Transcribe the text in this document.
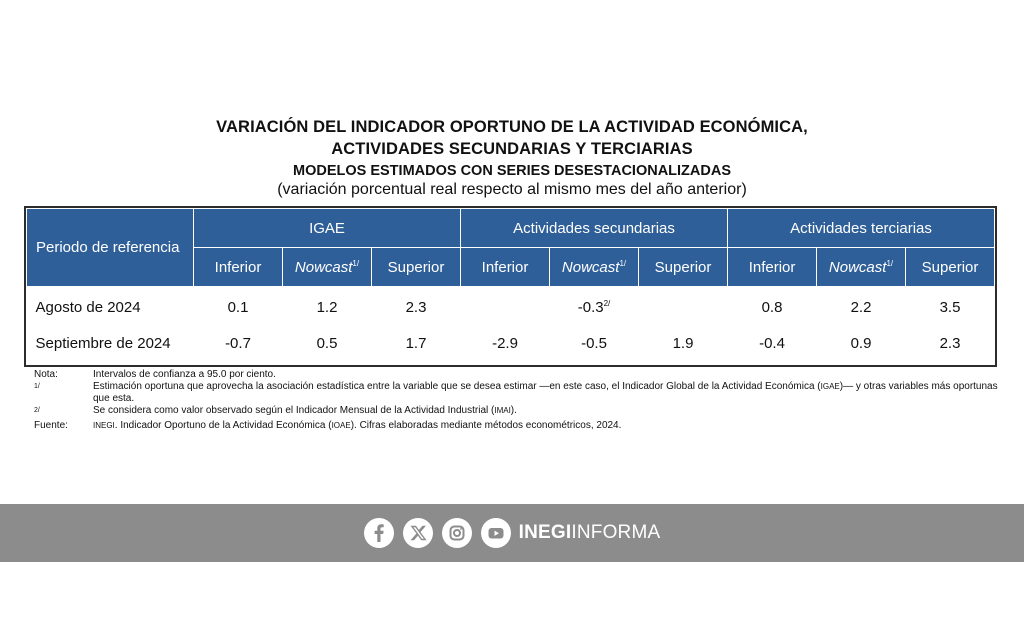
VARIACIÓN DEL INDICADOR OPORTUNO DE LA ACTIVIDAD ECONÓMICA,
ACTIVIDADES SECUNDARIAS Y TERCIARIAS
MODELOS ESTIMADOS CON SERIES DESESTACIONALIZADAS
(variación porcentual real respecto al mismo mes del año anterior)
Periodo de referencia	IGAE			Actividades secundarias			Actividades terciarias		
	Inferior	Nowcast$^{1/}$	Superior	Inferior	Nowcast$^{1/}$	Superior	Inferior	Nowcast$^{1/}$	Superior
Agosto de 2024	0.1	1.2	2.3		$-0.3^{2/}$		0.8	2.2	3.5
Septiembre de 2024	-0.7	0.5	1.7	-2.9	-0.5	1.9	-0.4	0.9	2.3
Nota:	Intervalos de confianza a 95.0 por ciento.
$^{1/}$	Estimación oportuna que aprovecha la asociación estadística entre la variable que se desea estimar —en este caso, el Indicador Global de la Actividad Económica (IGAE)— y otras variables más oportunas que esta.
$^{2/}$	Se considera como valor observado según el Indicador Mensual de la Actividad Industrial (IMAI).
Fuente:	INEGI. Indicador Oportuno de la Actividad Económica (IOAE). Cifras elaboradas mediante métodos econométricos, 2024.
INEGIINFORMA
